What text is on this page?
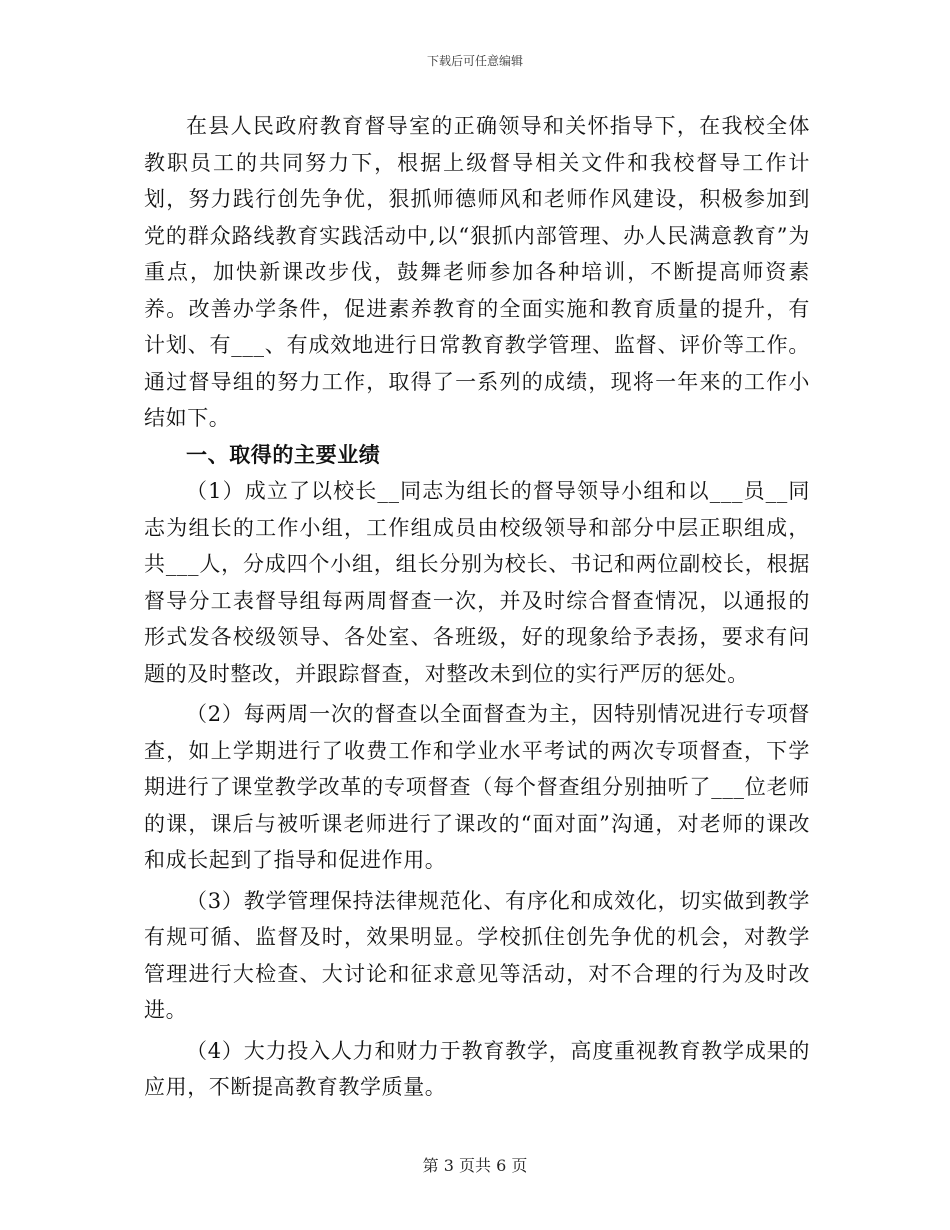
下载后可任意编辑

在县人民政府教育督导室的正确领导和关怀指导下，在我校全体教职员工的共同努力下，根据上级督导相关文件和我校督导工作计划，努力践行创先争优，狠抓师德师风和老师作风建设，积极参加到党的群众路线教育实践活动中,以“狠抓内部管理、办人民满意教育”为重点，加快新课改步伐，鼓舞老师参加各种培训，不断提高师资素养。改善办学条件，促进素养教育的全面实施和教育质量的提升，有计划、有___、有成效地进行日常教育教学管理、监督、评价等工作。通过督导组的努力工作，取得了一系列的成绩，现将一年来的工作小结如下。

一、取得的主要业绩

（1）成立了以校长__同志为组长的督导领导小组和以___员__同志为组长的工作小组，工作组成员由校级领导和部分中层正职组成，共___人，分成四个小组，组长分别为校长、书记和两位副校长，根据督导分工表督导组每两周督查一次，并及时综合督查情况，以通报的形式发各校级领导、各处室、各班级，好的现象给予表扬，要求有问题的及时整改，并跟踪督查，对整改未到位的实行严厉的惩处。

（2）每两周一次的督查以全面督查为主，因特别情况进行专项督查，如上学期进行了收费工作和学业水平考试的两次专项督查，下学期进行了课堂教学改革的专项督查（每个督查组分别抽听了___位老师的课，课后与被听课老师进行了课改的“面对面”沟通，对老师的课改和成长起到了指导和促进作用。

（3）教学管理保持法律规范化、有序化和成效化，切实做到教学有规可循、监督及时，效果明显。学校抓住创先争优的机会，对教学管理进行大检查、大讨论和征求意见等活动，对不合理的行为及时改进。

（4）大力投入人力和财力于教育教学，高度重视教育教学成果的应用，不断提高教育教学质量。

第 3 页共 6 页
